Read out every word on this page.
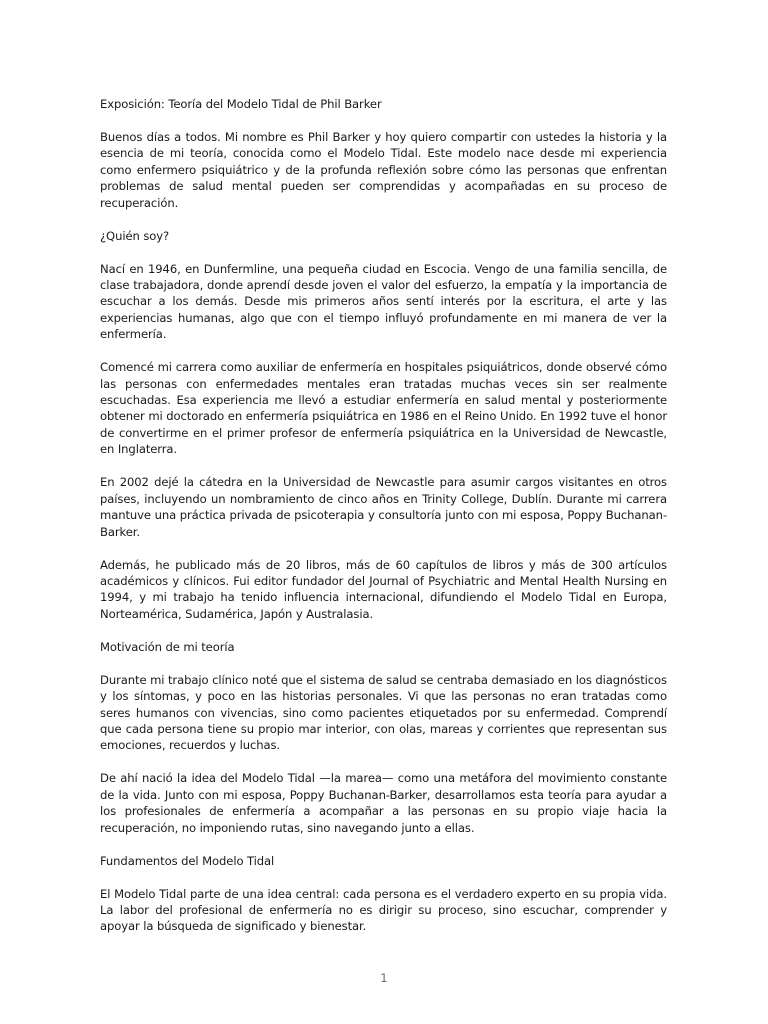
Exposición: Teoría del Modelo Tidal de Phil Barker

Buenos días a todos. Mi nombre es Phil Barker y hoy quiero compartir con ustedes la historia y la esencia de mi teoría, conocida como el Modelo Tidal. Este modelo nace desde mi experiencia como enfermero psiquiátrico y de la profunda reflexión sobre cómo las personas que enfrentan problemas de salud mental pueden ser comprendidas y acompañadas en su proceso de recuperación.

¿Quién soy?

Nací en 1946, en Dunfermline, una pequeña ciudad en Escocia. Vengo de una familia sencilla, de clase trabajadora, donde aprendí desde joven el valor del esfuerzo, la empatía y la importancia de escuchar a los demás. Desde mis primeros años sentí interés por la escritura, el arte y las experiencias humanas, algo que con el tiempo influyó profundamente en mi manera de ver la enfermería.

Comencé mi carrera como auxiliar de enfermería en hospitales psiquiátricos, donde observé cómo las personas con enfermedades mentales eran tratadas muchas veces sin ser realmente escuchadas. Esa experiencia me llevó a estudiar enfermería en salud mental y posteriormente obtener mi doctorado en enfermería psiquiátrica en 1986 en el Reino Unido. En 1992 tuve el honor de convertirme en el primer profesor de enfermería psiquiátrica en la Universidad de Newcastle, en Inglaterra.

En 2002 dejé la cátedra en la Universidad de Newcastle para asumir cargos visitantes en otros países, incluyendo un nombramiento de cinco años en Trinity College, Dublín. Durante mi carrera mantuve una práctica privada de psicoterapia y consultoría junto con mi esposa, Poppy Buchanan-Barker.

Además, he publicado más de 20 libros, más de 60 capítulos de libros y más de 300 artículos académicos y clínicos. Fui editor fundador del Journal of Psychiatric and Mental Health Nursing en 1994, y mi trabajo ha tenido influencia internacional, difundiendo el Modelo Tidal en Europa, Norteamérica, Sudamérica, Japón y Australasia.

Motivación de mi teoría

Durante mi trabajo clínico noté que el sistema de salud se centraba demasiado en los diagnósticos y los síntomas, y poco en las historias personales. Vi que las personas no eran tratadas como seres humanos con vivencias, sino como pacientes etiquetados por su enfermedad. Comprendí que cada persona tiene su propio mar interior, con olas, mareas y corrientes que representan sus emociones, recuerdos y luchas.

De ahí nació la idea del Modelo Tidal —la marea— como una metáfora del movimiento constante de la vida. Junto con mi esposa, Poppy Buchanan-Barker, desarrollamos esta teoría para ayudar a los profesionales de enfermería a acompañar a las personas en su propio viaje hacia la recuperación, no imponiendo rutas, sino navegando junto a ellas.

Fundamentos del Modelo Tidal

El Modelo Tidal parte de una idea central: cada persona es el verdadero experto en su propia vida. La labor del profesional de enfermería no es dirigir su proceso, sino escuchar, comprender y apoyar la búsqueda de significado y bienestar.

1
